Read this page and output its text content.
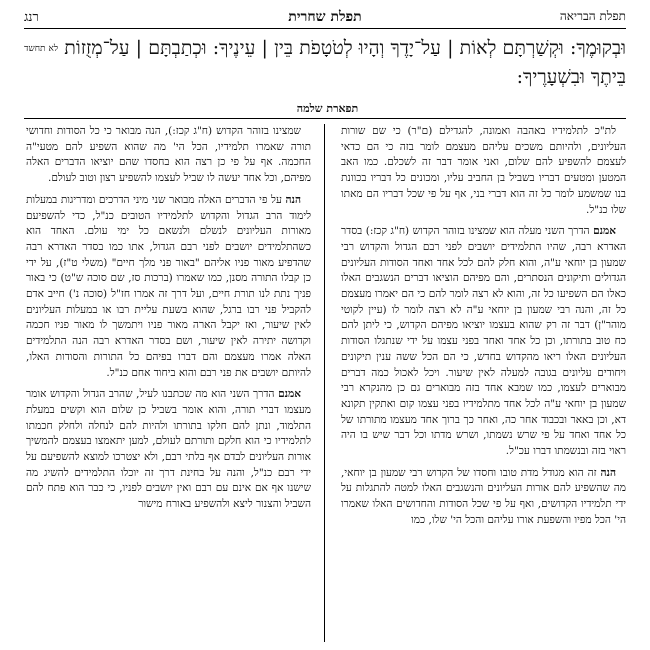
תפלת הבריאה
תפלת שחרית
רנג
וּבְקוּמֶךָ: וּקְשַׁרְתָּם לְאוֹת | עַל־יָדֶךָ וְהָיוּ לְטֹטָפֹת בֵּין | עֵינֶיךָ: וּכְתַבְתָּם | עַל־מְזֻזוֹת לא תחשד בֵּיתֶךָ וּבִשְׁעָרֶיךָ:
תפארת שלמה

לת"כ לתלמידיו באהבה ואמונה, להגדילם (ם"ר) כי שם שורות העליונים, ולהיותם משכים עליהם מעצמם לומר בזה כי הם כדאי לעצמם להשפיע להם שלום, ואני אומר דבר זה לשכלם. כמו האב המטען ומטעים דבריו בשביל בן החביב עליו, ומכונים כל דבריו בכוונת בנו שמשמע לומר כל זה הוא דברי בני, אף על פי שכל דבריו הם מאתו שלו כנ"ל.

אמנם הדרך השני מעלה הוא שמצינו בזוהר הקדוש (ח"ג קכז:) בסדר האדרא רבה, שהיו התלמידים יושבים לפני רבם הגדול והקדוש רבי שמעון בן יוחאי ע"ה, והוא חלק להם לכל אחד ואחד הסודות העליונים הגדולים ותיקונים הנסתרים, והם מפיהם הוציאו דברים הנשגבים האלו כאלו הם השפיעו כל זה, והוא לא רצה לומר להם כי הם יאמרו מעצמם כל זה, והנה רבי שמעון בן יוחאי ע"ה לא רצה לומר לו (עיין לקוטי מוהר"ן) דבר זה רק שהוא בעצמו יוציאו מפיהם הקדוש, כי ליתן להם כח טוב בתורתו, וכן כל אחד ואחד בפני עצמו על ידי שנתגלו הסודות העליונים האלו ריאו מהקדוש בחדש, כי הם הכל ששה ענין תיקונים ויחודים עליונים בגובה למעלה לאין שיעור. ויכל לאכול כמה דברים מבוארים לעצמו, כמו שמבא אחד בזה מבוארים גם כן מהנקרא רבי שמעון בן יוחאי ע"ה לכל אחד מתלמידיו בפני עצמו קום ואתקין תקונא דא, וכן באאר ובכבוד אחר כה, ואחר כך ברוך אחד מעצמו מתורתו של כל אחד ואחד על פי שרש נשמתו, ושרש מדתו וכל דבר שיש בו היה ראוי בזה ובנשמתו דברו עכ"ל.

הנה זה הוא מגודל מדת טובו וחסדו של הקדוש רבי שמעון בן יוחאי, מה שהשפיע להם אורות העליונים והנשגבים האלו למטה להתגלות על ידי תלמידיו הקדושים, ואף על פי שכל הסודות והחדושים האלו שאמרו הי' הכל מפיו והשפעת אורו עליהם והכל הי' שלו, כמו

שמצינו בזוהר הקדוש (ח"ג קכז:), הנה מבואר כי כל הסודות וחדושי תורה שאמרו תלמידיו, הכל הי' מה שהוא השפיע להם מטעי"ה החכמה. אף על פי כן רצה הוא בחסדו שהם יוציאו הדברים האלה מפיהם, וכל אחד יעשה לו שביל לעצמו להשפיע רצון וטוב לעולם.

הנה על פי הדברים האלה מבואר שני מיני הדרכים ומדריגות במעלות לימוד הרב הגדול והקדוש לתלמידיו הטובים כנ"ל, כדי להשפיעם מאורות העליונים לנשלם ולנשאם כל ימי עולם. האחד הוא כשהתלמידים יושבים לפני רבם הגדול, אתו כמו בסדר האדרא רבה שהדפיע מאור פניו אליהם "באור פני מלך חיים" (משלי ט"ז), על ידי כן קבלו התורה מסנן, כמו שאמרו (ברכות סז, שם סוכה ש"ט) כי באור פניך נתת לנו תורת חיים, ועל דרך זה אמרו חז"ל (סוכה נ') חייב אדם להקביל פני רבו ברגל, שהוא בשעת עליית רבו או במעלות העליונים לאין שיעור, ואז יקבל הארה מאור פניו ויתמשך לו מאור פניו חכמה וקדושה יתירה לאין שיעור, ושם בסדר האדרא רבה הנה התלמידים האלה אמרו מעצמם והם דברו בפיהם כל התורות והסודות האלו, להיותם יושבים את פני רבם והוא ביחוד אחם כנ"ל.

אמנם הדרך השני הוא מה שכתבנו לעיל, שהרב הגדול והקדוש אומר מעצמו דברי תורה, והוא אומר בשביל כן שלום הוא וקשים במעלת התלמוד, ונתן להם חלקו בתורתו ולהיות להם לנחלה ולחלק חכמתו לתלמידיו כי הוא חלקם ותורתם לעולם, למען יתאמצו בעצמם להמשיך אורות העליונים לבדם אף בלתי רבם, ולא יצטרכו למוצא להשפיעם על ידי רבם כנ"ל, והנה על בחינת דרך זה יוכלו התלמידים להשיג מה שישנו אף אם אינם עם רבם ואין יושבים לפניו, כי כבר הוא פתח להם השביל והצנור ליצא ולהשפיע באורח מישור
